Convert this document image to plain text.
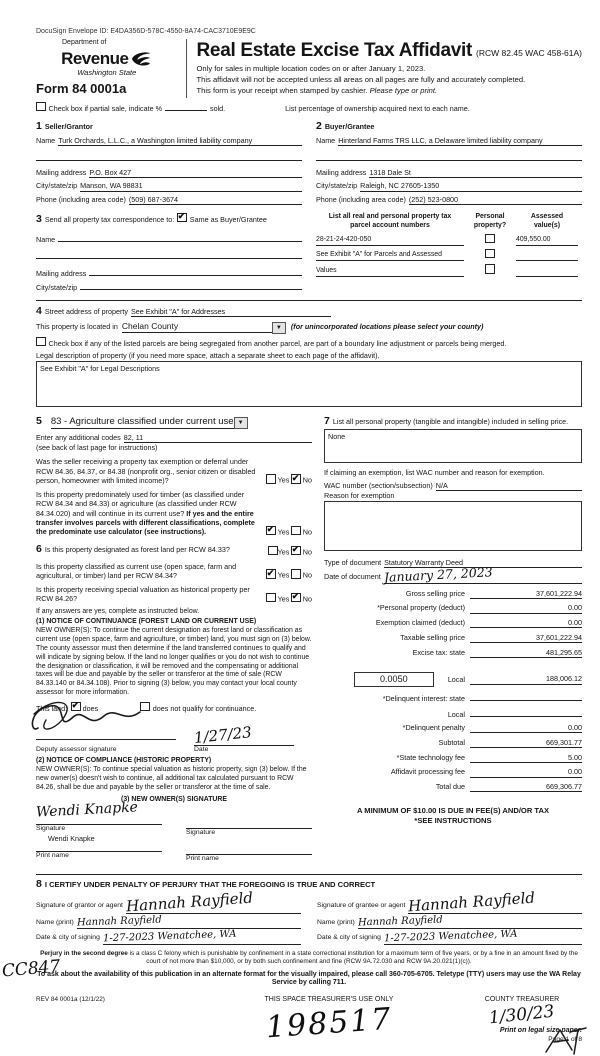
DocuSign Envelope ID: E4DA356D-578C-4550-8A74-CAC3710E9E9C
Department of
Revenue
Washington State
Form 84 0001a
Real Estate Excise Tax Affidavit (RCW 82.45 WAC 458-61A)
Only for sales in multiple location codes on or after January 1, 2023.
This affidavit will not be accepted unless all areas on all pages are fully and accurately completed.
This form is your receipt when stamped by cashier. Please type or print.
Check box if partial sale, indicate %	sold.	List percentage of ownership acquired next to each name.
1 Seller/Grantor
Name Turk Orchards, L.L.C., a Washington limited liability company
Mailing address P.O. Box 427
City/state/zip Manson, WA 98831
Phone (including area code) (509) 687-3674
2 Buyer/Grantee
Name Hinterland Farms TRS LLC, a Delaware limited liability company
Mailing address 1318 Dale St
City/state/zip Raleigh, NC 27605-1350
Phone (including area code) (252) 523-0800
3 Send all property tax correspondence to: ✔ Same as Buyer/Grantee
Name
Mailing address
City/state/zip
List all real and personal property tax
parcel account numbers
Personal
property?
Assessed
value(s)
28-21-24-420-050	409,550.00
See Exhibit "A" for Parcels and Assessed
Values
4 Street address of property See Exhibit "A" for Addresses
This property is located in Chelan County	▼	(for unincorporated locations please select your county)
Check box if any of the listed parcels are being segregated from another parcel, are part of a boundary line adjustment or parcels being merged.
Legal description of property (if you need more space, attach a separate sheet to each page of the affidavit).
See Exhibit "A" for Legal Descriptions
5 83 - Agriculture classified under current use ▼
Enter any additional codes 82, 11
(see back of last page for instructions)
Was the seller receiving a property tax exemption or deferral under RCW 84.36, 84.37, or 84.38 (nonprofit org., senior citizen or disabled person, homeowner with limited income)?	Yes ✔ No
Is this property predominately used for timber (as classified under RCW 84.34 and 84.33) or agriculture (as classified under RCW 84.34.020) and will continue in its current use? If yes and the entire transfer involves parcels with different classifications, complete the predominate use calculator (see instructions). ✔	Yes No
6 Is this property designated as forest land per RCW 84.33?	Yes ✔ No
Is this property classified as current use (open space, farm and agricultural, or timber) land per RCW 84.34? ✔	Yes No
Is this property receiving special valuation as historical property per RCW 84.26?	Yes ✔ No
If any answers are yes, complete as instructed below.
(1) NOTICE OF CONTINUANCE (FOREST LAND OR CURRENT USE)
NEW OWNER(S): To continue the current designation as forest land or classification as current use (open space, farm and agriculture, or timber) land, you must sign on (3) below. The county assessor must then determine if the land transferred continues to qualify and will indicate by signing below. If the land no longer qualifies or you do not wish to continue the designation or classification, it will be removed and the compensating or additional taxes will be due and payable by the seller or transferor at the time of sale (RCW 84.33.140 or 84.34.108). Prior to signing (3) below, you may contact your local county assessor for more information.
This land: ✔ does	does not qualify for continuance.
1/27/23
Deputy assessor signature	Date
(2) NOTICE OF COMPLIANCE (HISTORIC PROPERTY)
NEW OWNER(S): To continue special valuation as historic property, sign (3) below. If the new owner(s) doesn't wish to continue, all additional tax calculated pursuant to RCW 84.26, shall be due and payable by the seller or transferor at the time of sale.
(3) NEW OWNER(S) SIGNATURE
Wendi Knapke
Signature
Wendi Knapke
Print name
Signature
Print name
7 List all personal property (tangible and intangible) included in selling price.
None
If claiming an exemption, list WAC number and reason for exemption.
WAC number (section/subsection) N/A
Reason for exemption
Type of document Statutory Warranty Deed
Date of document January 27, 2023
Gross selling price	37,601,222.94
*Personal property (deduct)	0.00
Exemption claimed (deduct)	0.00
Taxable selling price	37,601,222.94
Excise tax: state	481,295.65
0.0050	Local	188,006.12
*Delinquent interest: state
Local
*Delinquent penalty	0.00
Subtotal	669,301.77
*State technology fee	5.00
Affidavit processing fee	0.00
Total due	669,306.77
A MINIMUM OF $10.00 IS DUE IN FEE(S) AND/OR TAX
*SEE INSTRUCTIONS
8 I CERTIFY UNDER PENALTY OF PERJURY THAT THE FOREGOING IS TRUE AND CORRECT
Signature of grantor or agent Hannah Rayfield
Name (print) Hannah Rayfield
Date & city of signing 1-27-2023 Wenatchee, WA
Signature of grantee or agent Hannah Rayfield
Name (print) Hannah Rayfield
Date & city of signing 1-27-2023 Wenatchee, WA
Perjury in the second degree is a class C felony which is punishable by confinement in a state correctional institution for a maximum term of five years, or by a fine in an amount fixed by the court of not more than $10,000, or by both such confinement and fine (RCW 9A.72.030 and RCW 9A.20.021(1)(c)).
To ask about the availability of this publication in an alternate format for the visually impaired, please call 360-705-6705. Teletype (TTY) users may use the WA Relay Service by calling 711.
REV 84 0001a (12/1/22)	THIS SPACE TREASURER'S USE ONLY
198517
COUNTY TREASURER
1/30/23
Print on legal size paper.
Page 1 of 8
CC847
